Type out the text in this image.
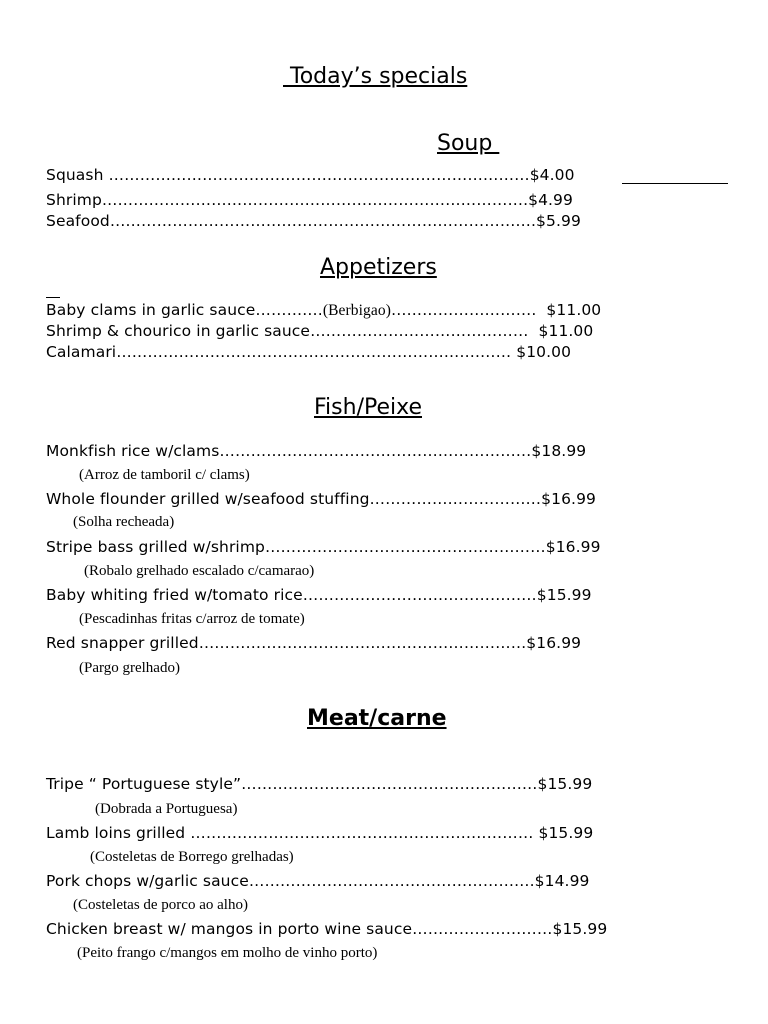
Today’s specials
Soup
Squash ………………………………………………………………………$4.00
Shrimp……………………………………………………………………….$4.99
Seafood……………………………………………………………………….$5.99
Appetizers
Baby clams in garlic sauce………….(Berbigao)……………………….  $11.00
Shrimp & chourico in garlic sauce……………………………………  $11.00
Calamari…………………………………………………………….…… $10.00
Fish/Peixe
Monkfish rice w/clams……………………………………………………$18.99
(Arroz de tamboril c/ clams)
Whole flounder grilled w/seafood stuffing……………………………$16.99
(Solha recheada)
Stripe bass grilled w/shrimp………………………………………………$16.99
(Robalo grelhado escalado c/camarao)
Baby whiting fried w/tomato rice………………………………………$15.99
(Pescadinhas fritas c/arroz de tomate)
Red snapper grilled………………………………………………………$16.99
(Pargo grelhado)
Meat/carne
Tripe “ Portuguese style”…………………………………………………$15.99
(Dobrada a Portuguesa)
Lamb loins grilled ………………………………………………………… $15.99
(Costeletas de Borrego grelhadas)
Pork chops w/garlic sauce……………………………………………….$14.99
(Costeletas de porco ao alho)
Chicken breast w/ mangos in porto wine sauce………………………$15.99
(Peito frango c/mangos em molho de vinho porto)
